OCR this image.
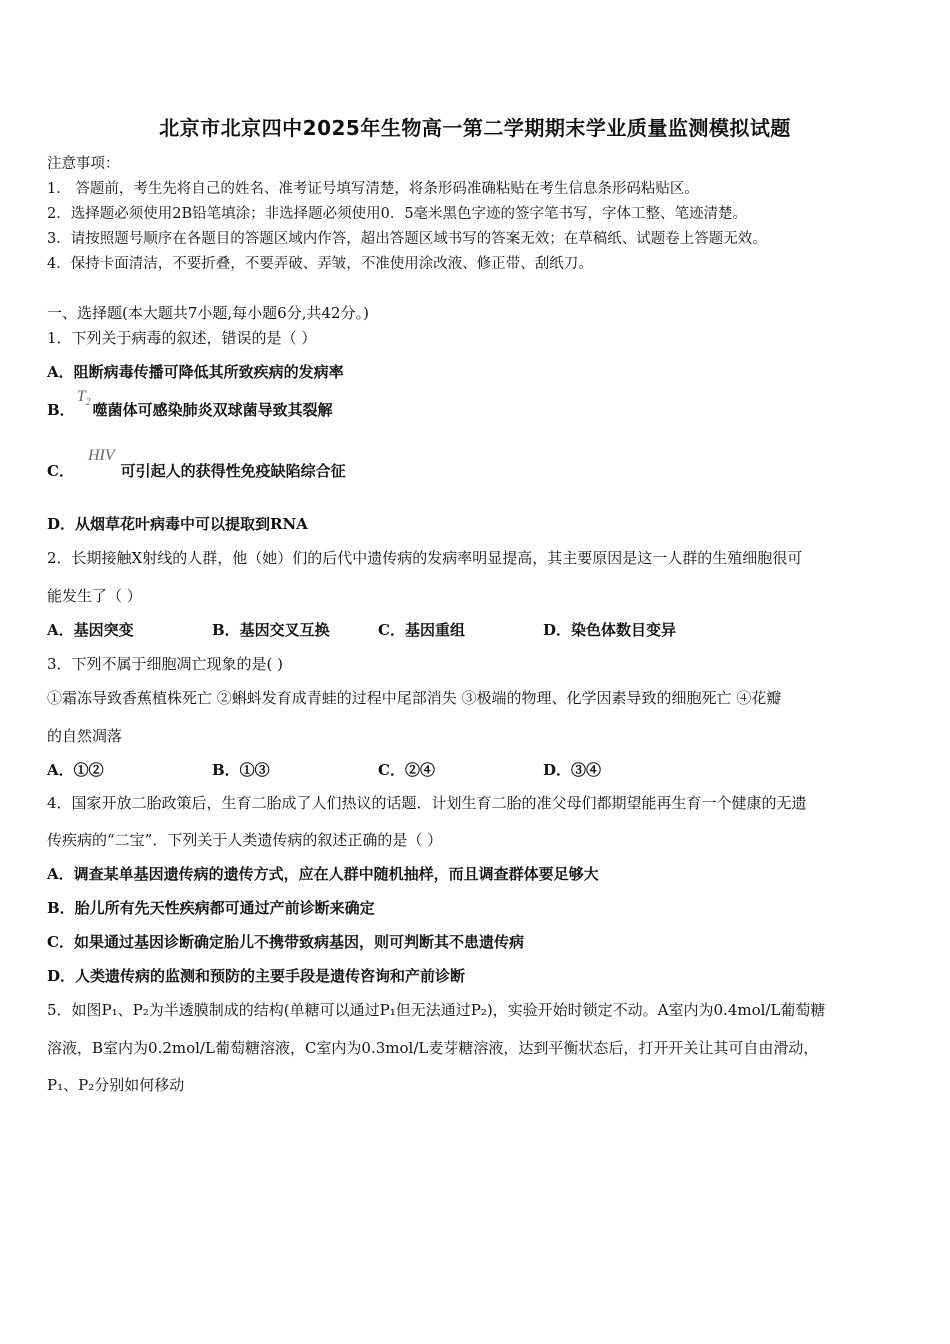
北京市北京四中2025年生物高一第二学期期末学业质量监测模拟试题
注意事项：
1． 答题前，考生先将自己的姓名、准考证号填写清楚，将条形码准确粘贴在考生信息条形码粘贴区。
2．选择题必须使用2B铅笔填涂；非选择题必须使用0．5毫米黑色字迹的签字笔书写，字体工整、笔迹清楚。
3．请按照题号顺序在各题目的答题区域内作答，超出答题区域书写的答案无效；在草稿纸、试题卷上答题无效。
4．保持卡面清洁，不要折叠，不要弄破、弄皱，不准使用涂改液、修正带、刮纸刀。
一、选择题(本大题共7小题,每小题6分,共42分。)
1．下列关于病毒的叙述，错误的是（ ）
A．阻断病毒传播可降低其所致疾病的发病率
B．$T_2$ 噬菌体可感染肺炎双球菌导致其裂解
C．HIV可引起人的获得性免疫缺陷综合征
D．从烟草花叶病毒中可以提取到RNA
2．长期接触X射线的人群，他（她）们的后代中遗传病的发病率明显提高，其主要原因是这一人群的生殖细胞很可
能发生了（ ）
A．基因突变	B．基因交叉互换	C．基因重组	D．染色体数目变异
3．下列不属于细胞凋亡现象的是( )
①霜冻导致香蕉植株死亡 ②蝌蚪发育成青蛙的过程中尾部消失 ③极端的物理、化学因素导致的细胞死亡 ④花瓣
的自然凋落
A．①②	B．①③	C．②④	D．③④
4．国家开放二胎政策后，生育二胎成了人们热议的话题．计划生育二胎的准父母们都期望能再生育一个健康的无遗
传疾病的“二宝”．下列关于人类遗传病的叙述正确的是（ ）
A．调查某单基因遗传病的遗传方式，应在人群中随机抽样，而且调查群体要足够大
B．胎儿所有先天性疾病都可通过产前诊断来确定
C．如果通过基因诊断确定胎儿不携带致病基因，则可判断其不患遗传病
D．人类遗传病的监测和预防的主要手段是遗传咨询和产前诊断
5．如图P₁、P₂为半透膜制成的结构(单糖可以通过P₁但无法通过P₂)，实验开始时锁定不动。A室内为0.4mol/L葡萄糖
溶液，B室内为0.2mol/L葡萄糖溶液，C室内为0.3mol/L麦芽糖溶液，达到平衡状态后，打开开关让其可自由滑动，
P₁、P₂分别如何移动
